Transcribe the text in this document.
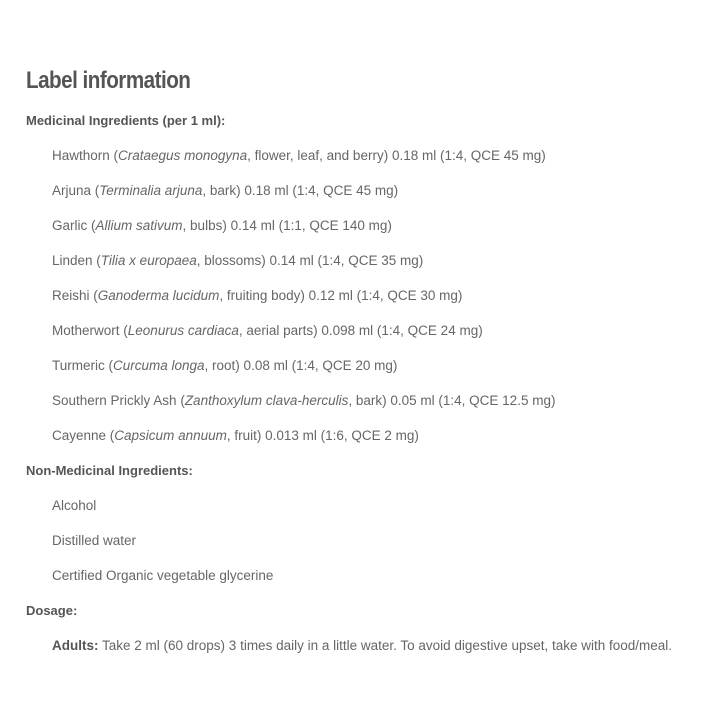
Label information
Medicinal Ingredients (per 1 ml):
Hawthorn (Crataegus monogyna, flower, leaf, and berry) 0.18 ml (1:4, QCE 45 mg)
Arjuna (Terminalia arjuna, bark) 0.18 ml (1:4, QCE 45 mg)
Garlic (Allium sativum, bulbs) 0.14 ml (1:1, QCE 140 mg)
Linden (Tilia x europaea, blossoms) 0.14 ml (1:4, QCE 35 mg)
Reishi (Ganoderma lucidum, fruiting body) 0.12 ml (1:4, QCE 30 mg)
Motherwort (Leonurus cardiaca, aerial parts) 0.098 ml (1:4, QCE 24 mg)
Turmeric (Curcuma longa, root) 0.08 ml (1:4, QCE 20 mg)
Southern Prickly Ash (Zanthoxylum clava-herculis, bark) 0.05 ml (1:4, QCE 12.5 mg)
Cayenne (Capsicum annuum, fruit) 0.013 ml (1:6, QCE 2 mg)
Non-Medicinal Ingredients:
Alcohol
Distilled water
Certified Organic vegetable glycerine
Dosage:
Adults: Take 2 ml (60 drops) 3 times daily in a little water. To avoid digestive upset, take with food/meal.
